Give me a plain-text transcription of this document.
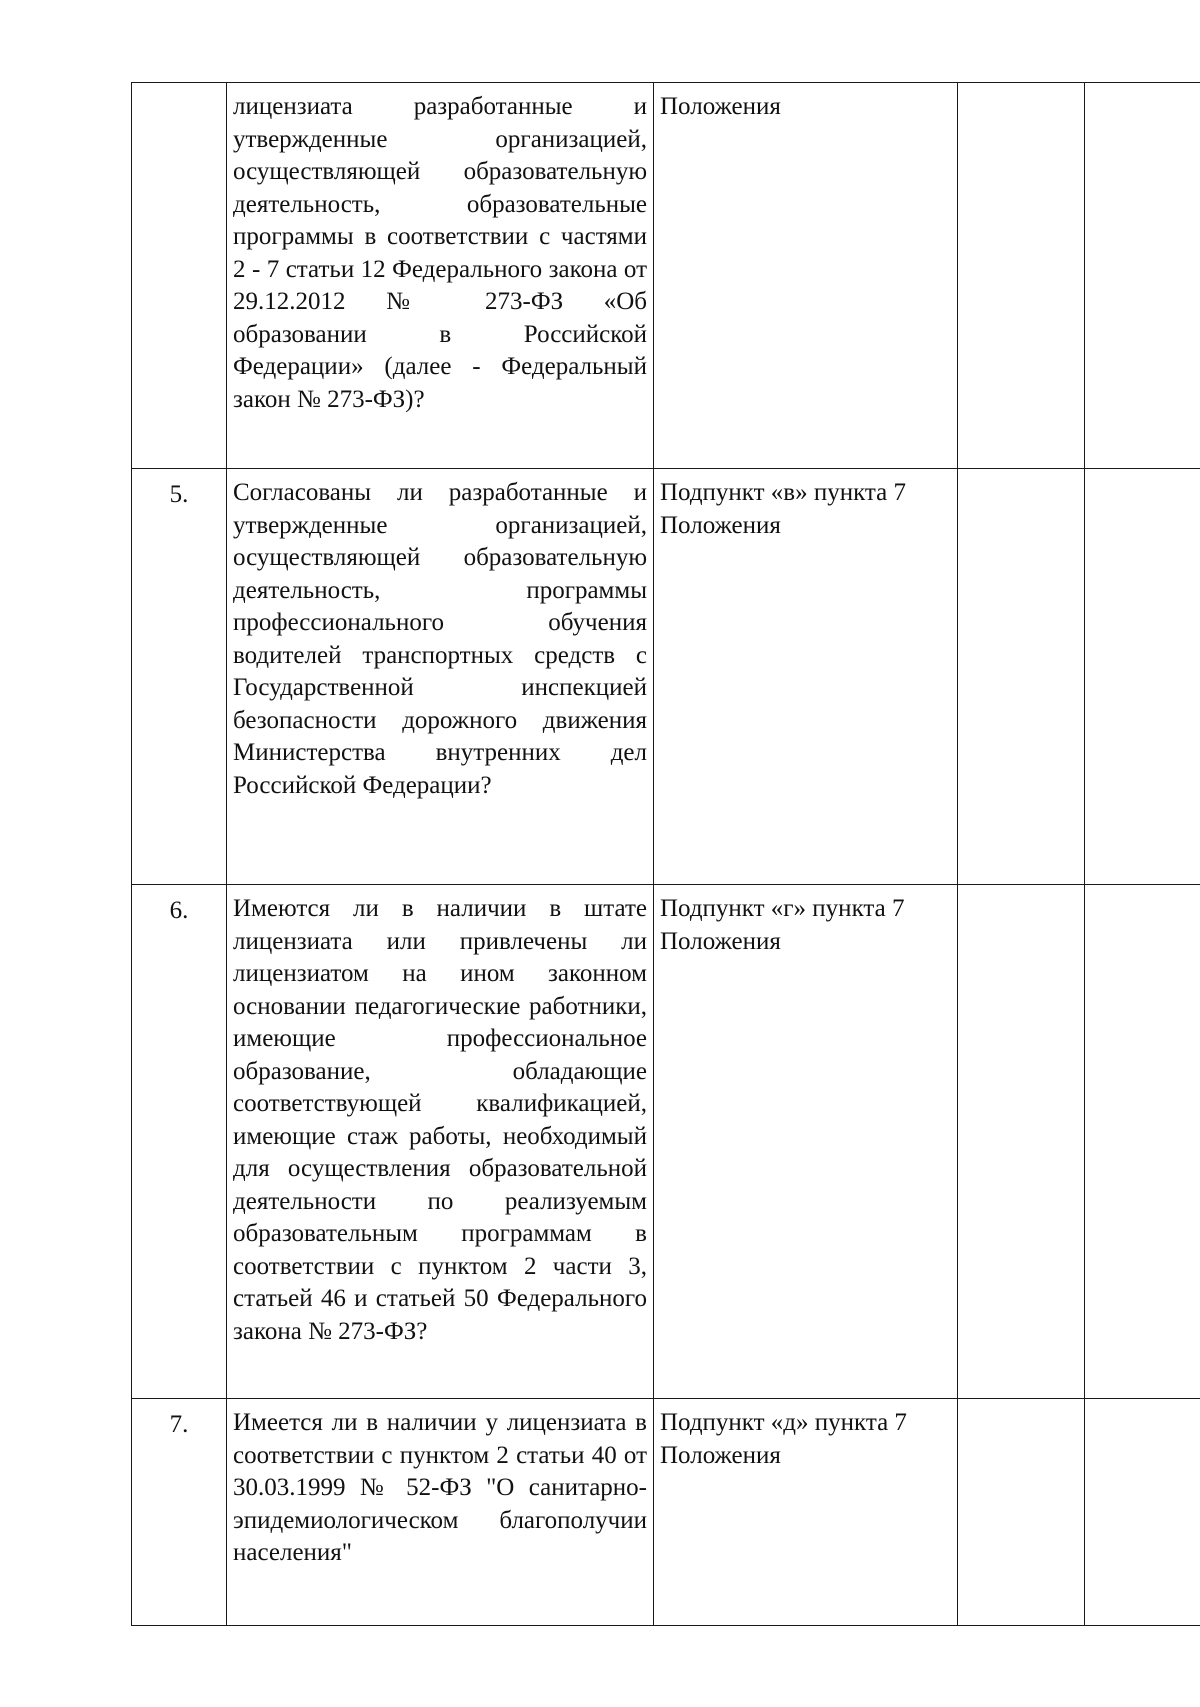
	лицензиата разработанные и утвержденные организацией, осуществляющей образовательную деятельность, образовательные программы в соответствии с частями 2 - 7 статьи 12 Федерального закона от 29.12.2012 № 273-ФЗ «Об образовании в Российской Федерации» (далее - Федеральный закон № 273-ФЗ)?	Положения		
5.	Согласованы ли разработанные и утвержденные организацией, осуществляющей образовательную деятельность, программы профессионального обучения водителей транспортных средств с Государственной инспекцией безопасности дорожного движения Министерства внутренних дел Российской Федерации?	Подпункт «в» пункта 7 Положения		
6.	Имеются ли в наличии в штате лицензиата или привлечены ли лицензиатом на ином законном основании педагогические работники, имеющие профессиональное образование, обладающие соответствующей квалификацией, имеющие стаж работы, необходимый для осуществления образовательной деятельности по реализуемым образовательным программам в соответствии с пунктом 2 части 3, статьей 46 и статьей 50 Федерального закона № 273-ФЗ?	Подпункт «г» пункта 7 Положения		
7.	Имеется ли в наличии у лицензиата в соответствии с пунктом 2 статьи 40 от 30.03.1999 № 52-ФЗ "О санитарно-эпидемиологическом благополучии населения"	Подпункт «д» пункта 7 Положения		
